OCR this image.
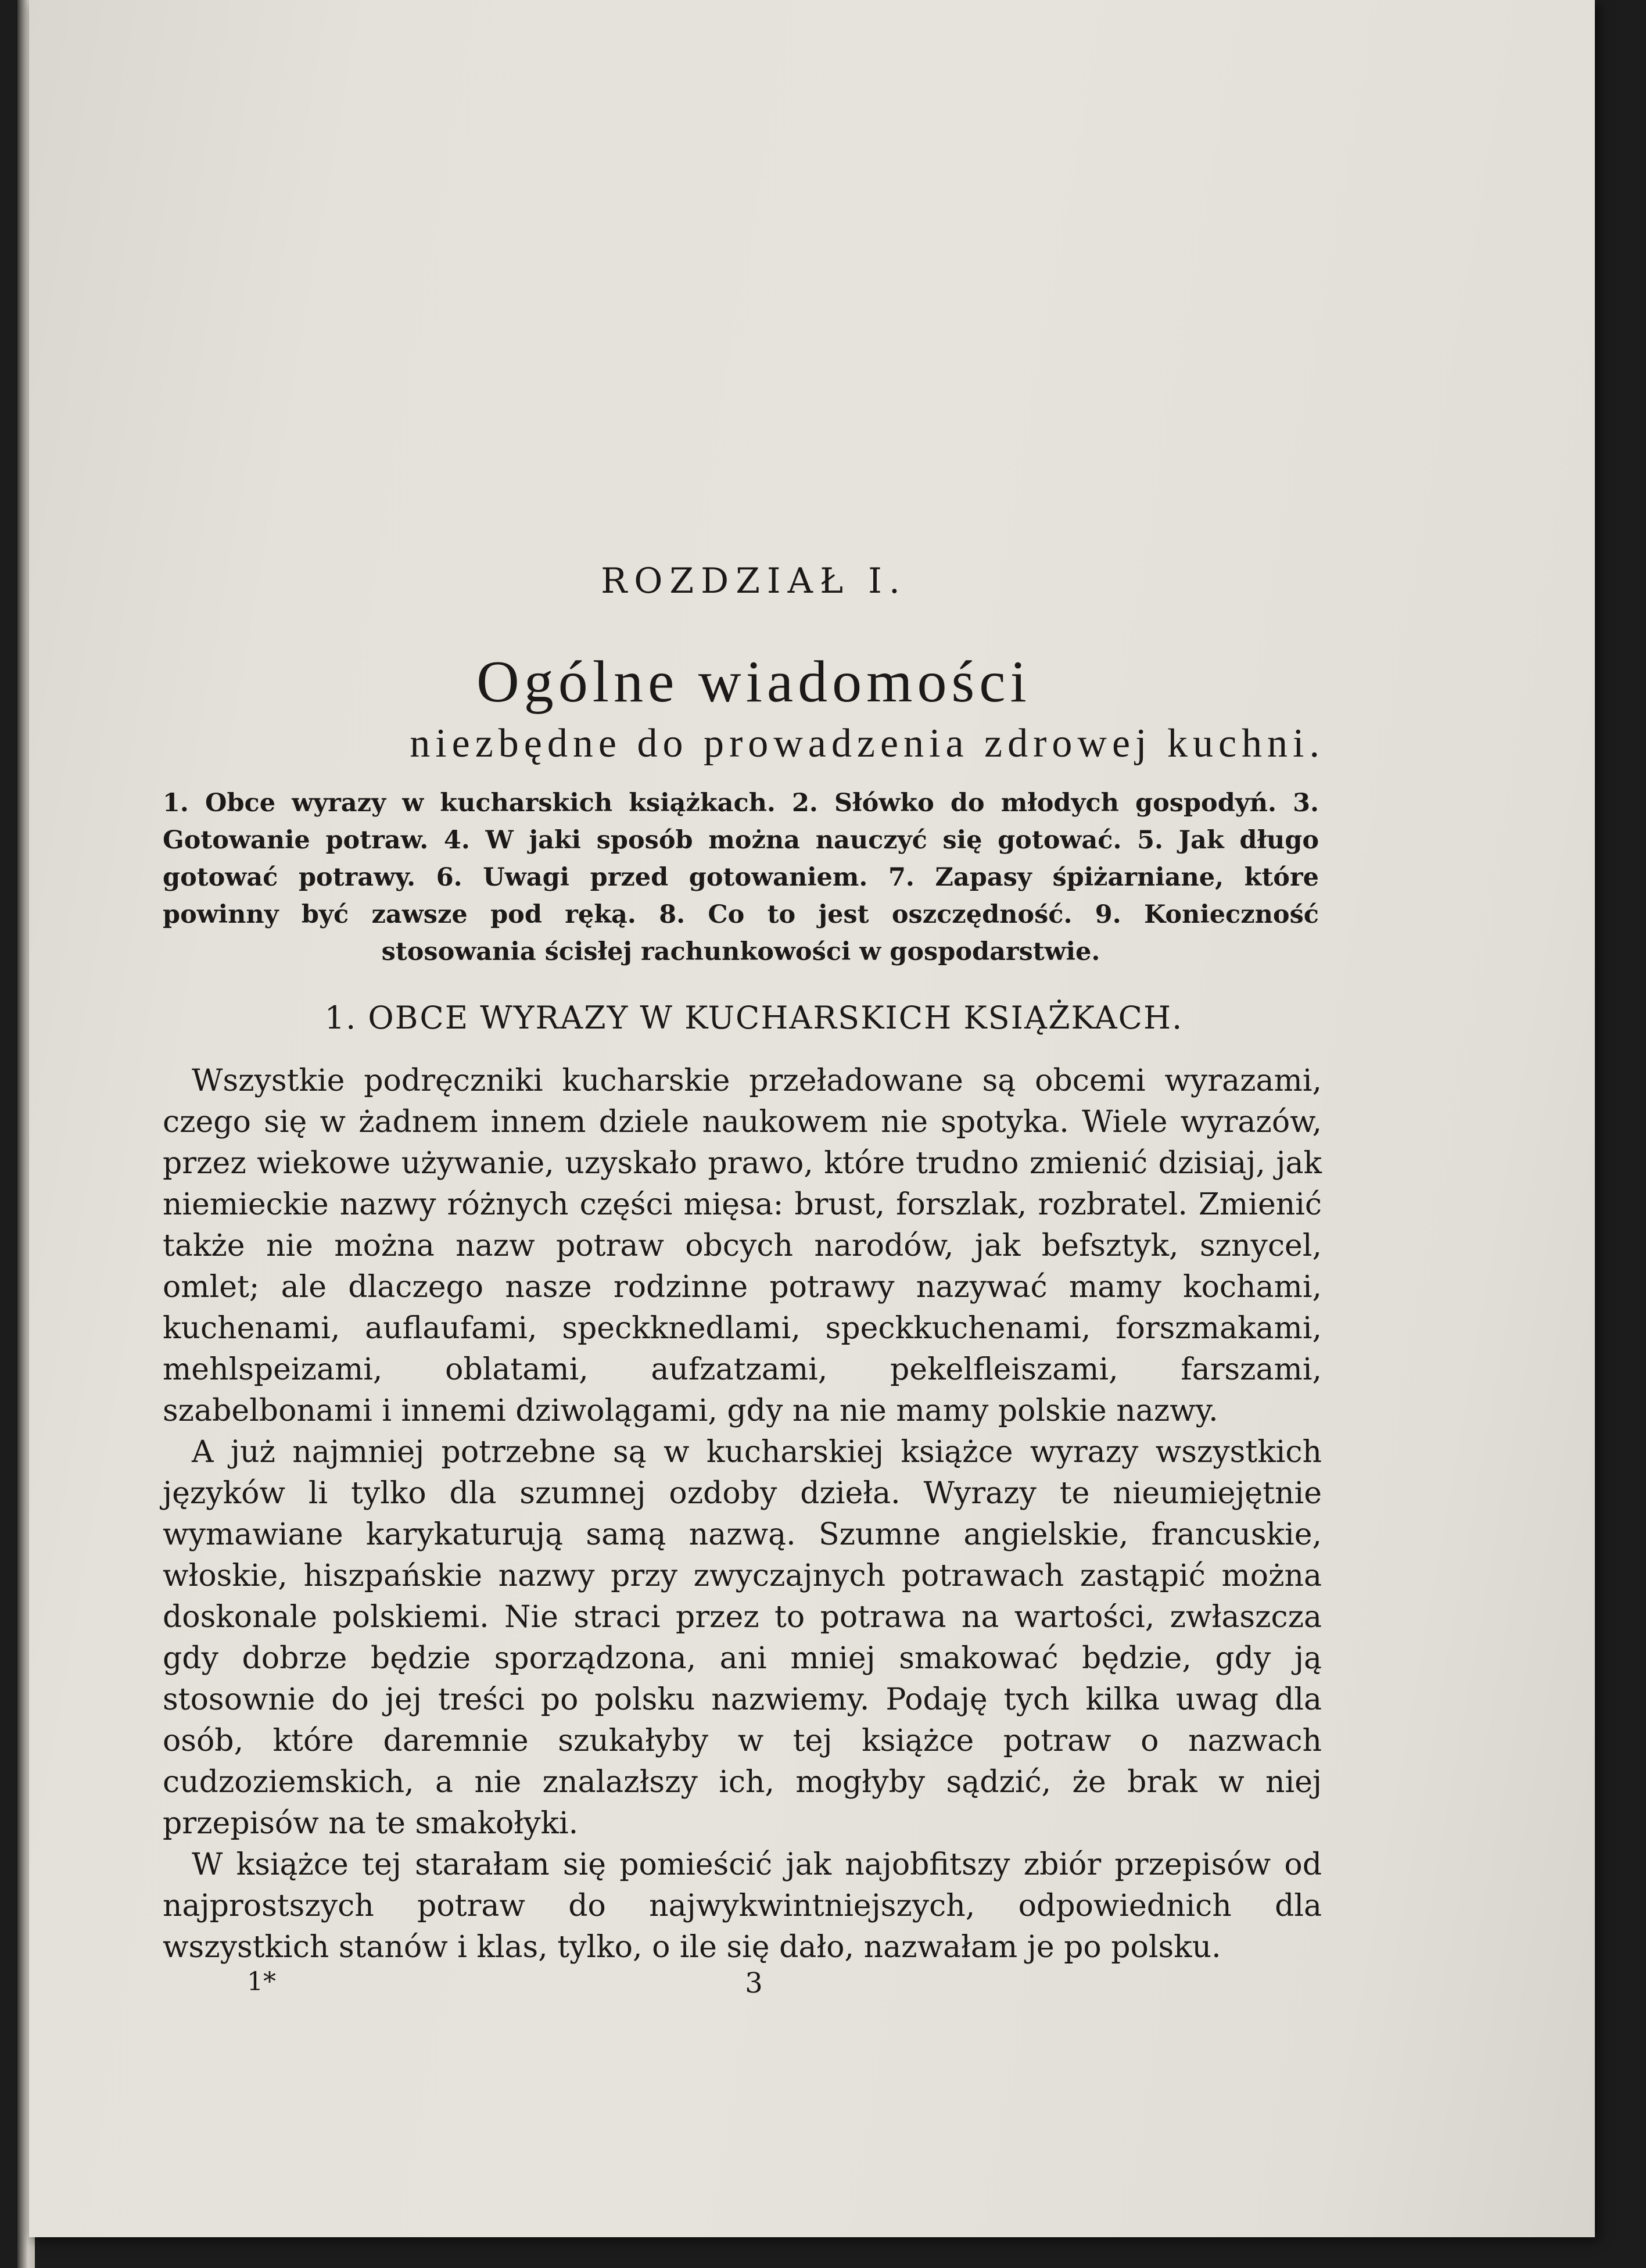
ROZDZIAŁ I.
Ogólne wiadomości
niezbędne do prowadzenia zdrowej kuchni.
1. Obce wyrazy w kucharskich książkach. 2. Słówko do młodych gospodyń. 3. Gotowanie potraw. 4. W jaki sposób można nauczyć się gotować. 5. Jak długo gotować potrawy. 6. Uwagi przed gotowaniem. 7. Zapasy śpiżarniane, które powinny być zawsze pod ręką. 8. Co to jest oszczędność. 9. Konieczność stosowania ścisłej rachunkowości w gospodarstwie.
1. OBCE WYRAZY W KUCHARSKICH KSIĄŻKACH.

Wszystkie podręczniki kucharskie przeładowane są obcemi wyrazami, czego się w żadnem innem dziele naukowem nie spotyka. Wiele wyrazów, przez wiekowe używanie, uzyskało prawo, które trudno zmienić dzisiaj, jak niemieckie nazwy różnych części mięsa: brust, forszlak, rozbratel. Zmienić także nie można nazw potraw obcych narodów, jak befsztyk, sznycel, omlet; ale dlaczego nasze rodzinne potrawy nazywać mamy kochami, kuchenami, auflaufami, speckknedlami, speckkuchenami, forszmakami, mehlspeizami, oblatami, aufzatzami, pekelfleiszami, farszami, szabelbonami i innemi dziwolągami, gdy na nie mamy polskie nazwy.

A już najmniej potrzebne są w kucharskiej książce wyrazy wszystkich języków li tylko dla szumnej ozdoby dzieła. Wyrazy te nieumiejętnie wymawiane karykaturują samą nazwą. Szumne angielskie, francuskie, włoskie, hiszpańskie nazwy przy zwyczajnych potrawach zastąpić można doskonale polskiemi. Nie straci przez to potrawa na wartości, zwłaszcza gdy dobrze będzie sporządzona, ani mniej smakować będzie, gdy ją stosownie do jej treści po polsku nazwiemy. Podaję tych kilka uwag dla osób, które daremnie szukałyby w tej książce potraw o nazwach cudzoziemskich, a nie znalazłszy ich, mogłyby sądzić, że brak w niej przepisów na te smakołyki.

W książce tej starałam się pomieścić jak najobfitszy zbiór przepisów od najprostszych potraw do najwykwintniejszych, odpowiednich dla wszystkich stanów i klas, tylko, o ile się dało, nazwałam je po polsku.

1*	3
